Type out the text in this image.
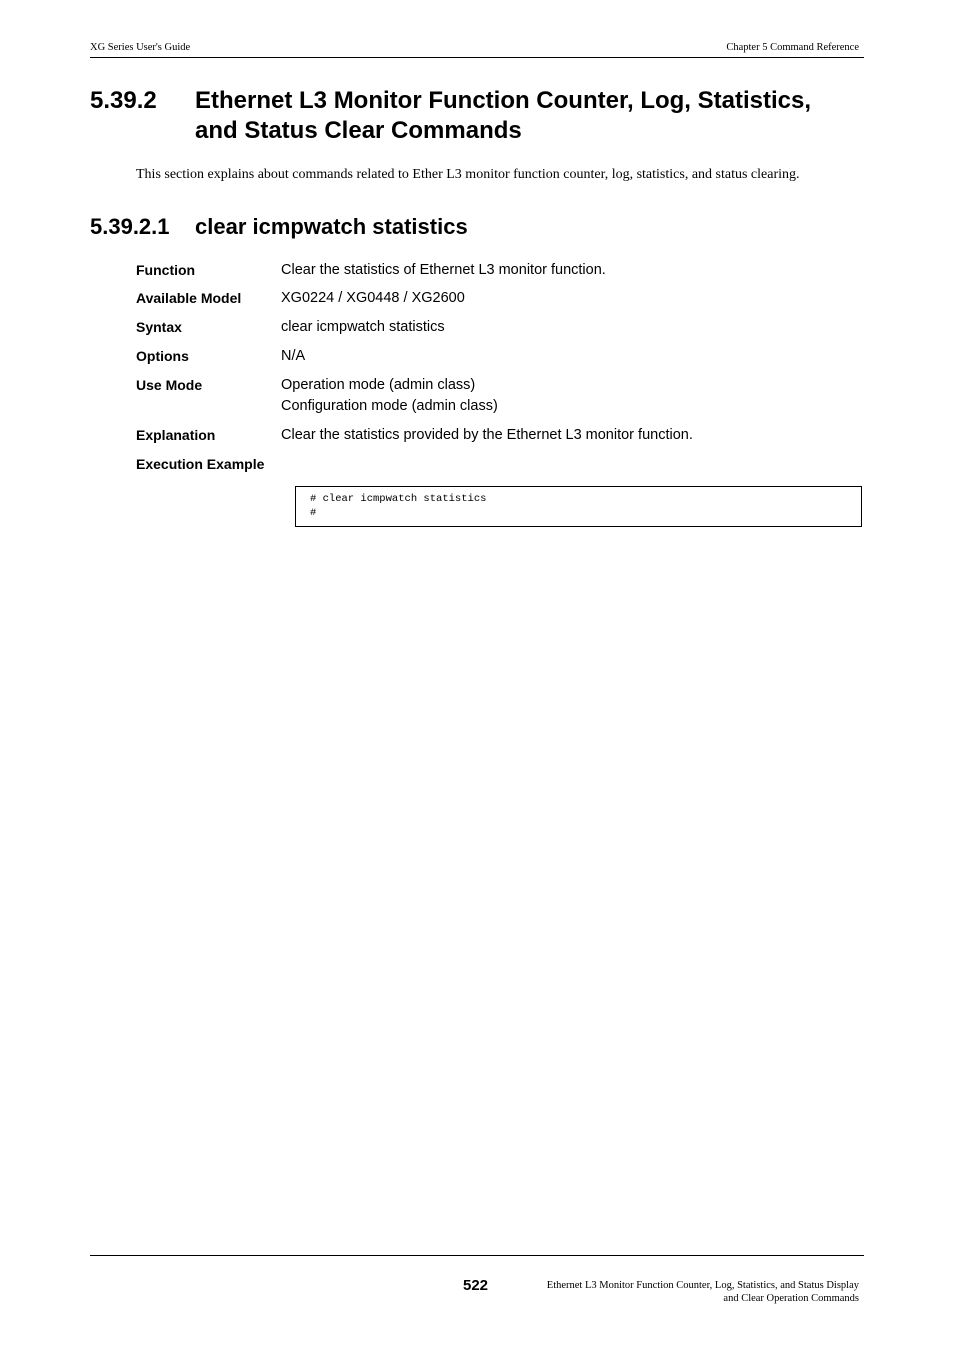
XG Series User's Guide	Chapter 5 Command Reference
5.39.2	Ethernet L3 Monitor Function Counter, Log, Statistics,
and Status Clear Commands
This section explains about commands related to Ether L3 monitor function counter, log, statistics, and status clearing.
5.39.2.1	clear icmpwatch statistics
Function	Clear the statistics of Ethernet L3 monitor function.
Available Model	XG0224 / XG0448 / XG2600
Syntax	clear icmpwatch statistics
Options	N/A
Use Mode	Operation mode (admin class)
Configuration mode (admin class)
Explanation	Clear the statistics provided by the Ethernet L3 monitor function.
Execution Example
# clear icmpwatch statistics
#
522	Ethernet L3 Monitor Function Counter, Log, Statistics, and Status Display
and Clear Operation Commands
